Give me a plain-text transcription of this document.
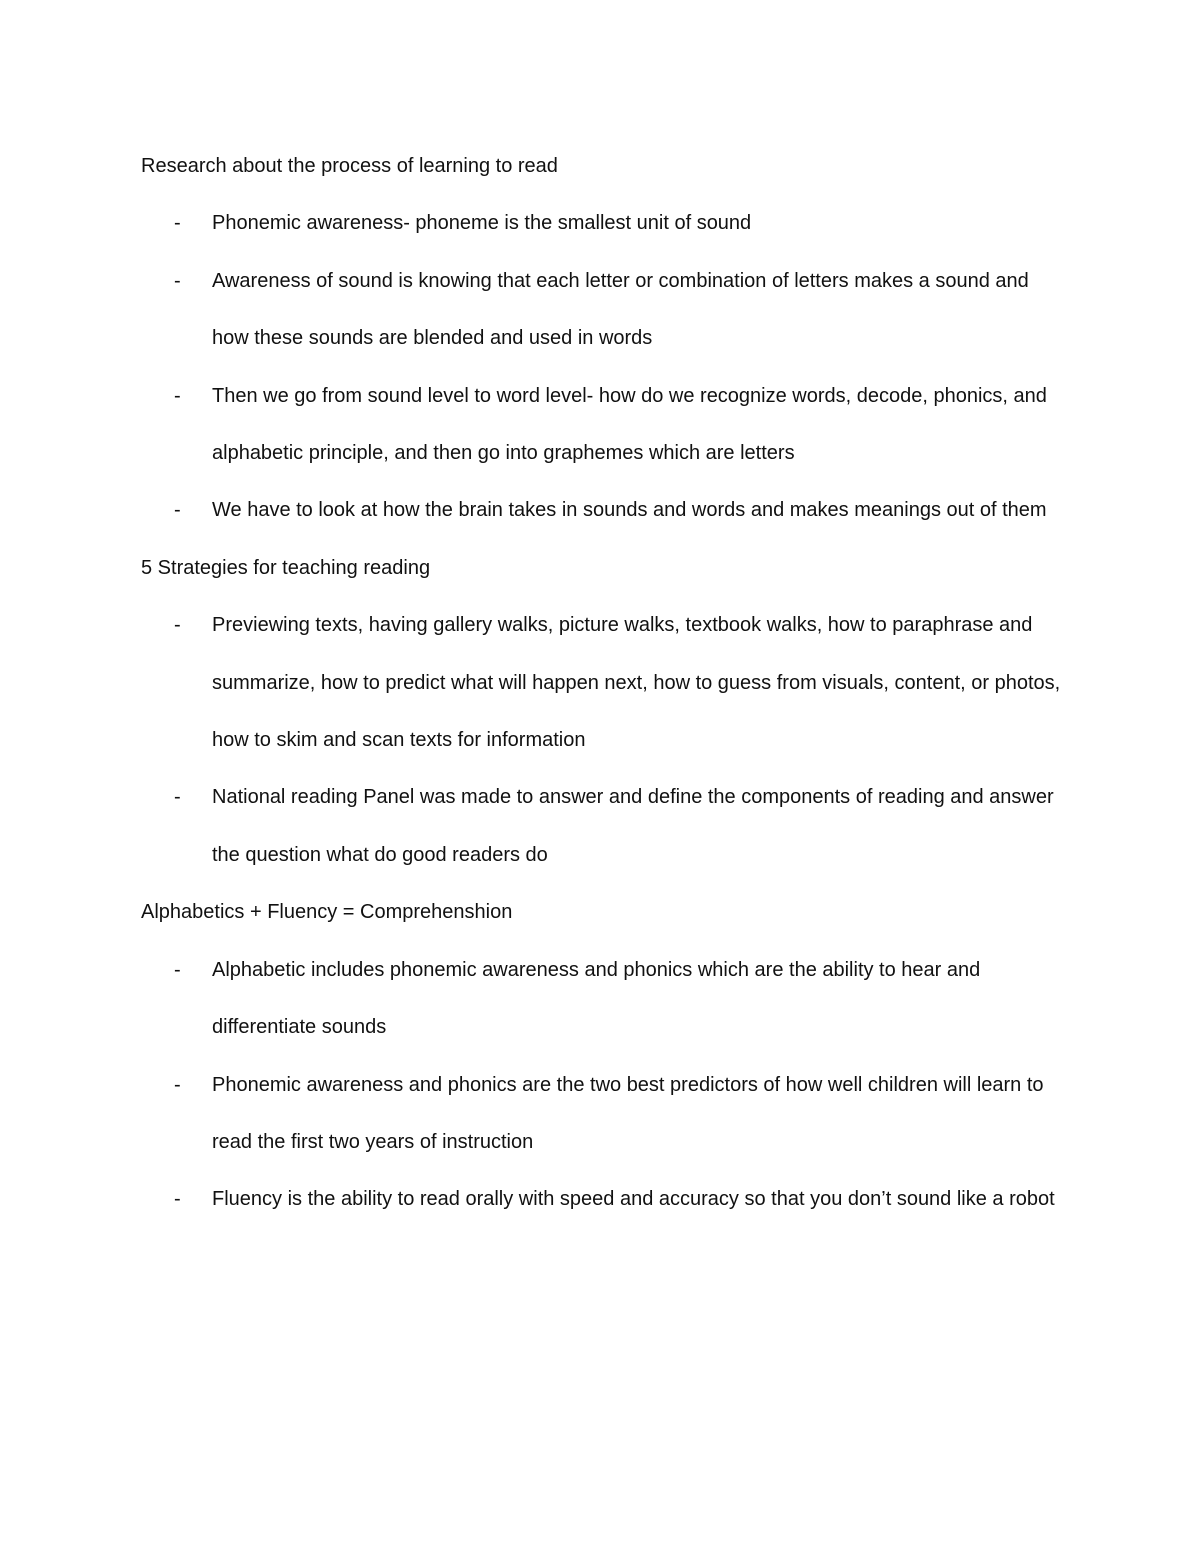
Research about the process of learning to read

- Phonemic awareness- phoneme is the smallest unit of sound
- Awareness of sound is knowing that each letter or combination of letters makes a sound and how these sounds are blended and used in words
- Then we go from sound level to word level- how do we recognize words, decode, phonics, and alphabetic principle, and then go into graphemes which are letters
- We have to look at how the brain takes in sounds and words and makes meanings out of them

5 Strategies for teaching reading

- Previewing texts, having gallery walks, picture walks, textbook walks, how to paraphrase and summarize, how to predict what will happen next, how to guess from visuals, content, or photos, how to skim and scan texts for information
- National reading Panel was made to answer and define the components of reading and answer the question what do good readers do

Alphabetics + Fluency = Comprehenshion

- Alphabetic includes phonemic awareness and phonics which are the ability to hear and differentiate sounds
- Phonemic awareness and phonics are the two best predictors of how well children will learn to read the first two years of instruction
- Fluency is the ability to read orally with speed and accuracy so that you don’t sound like a robot
